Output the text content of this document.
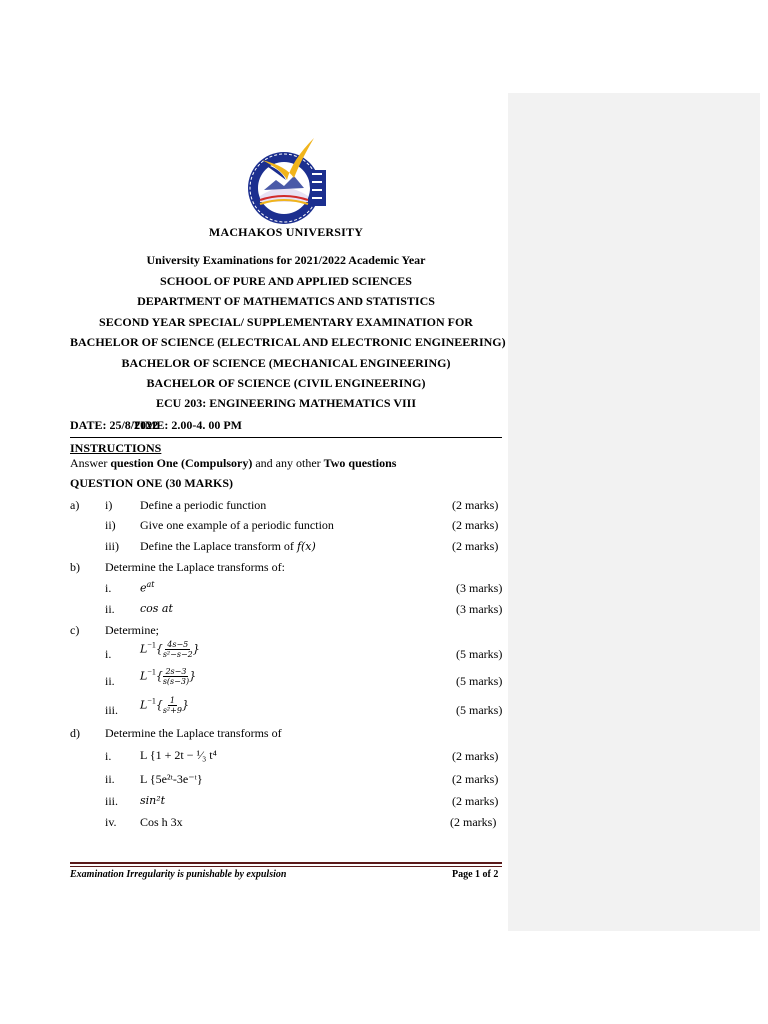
MACHAKOS UNIVERSITY
University Examinations for 2021/2022 Academic Year
SCHOOL OF PURE AND APPLIED SCIENCES
DEPARTMENT OF MATHEMATICS AND STATISTICS
SECOND YEAR SPECIAL/ SUPPLEMENTARY EXAMINATION FOR
BACHELOR OF SCIENCE (ELECTRICAL AND ELECTRONIC ENGINEERING)
BACHELOR OF SCIENCE (MECHANICAL ENGINEERING)
BACHELOR OF SCIENCE (CIVIL ENGINEERING)
ECU 203: ENGINEERING MATHEMATICS VIII
DATE: 25/8/2022
TIME: 2.00-4. 00 PM
INSTRUCTIONS
Answer question One (Compulsory) and any other Two questions
QUESTION ONE (30 MARKS)
a) i) Define a periodic function	(2 marks)
ii) Give one example of a periodic function	(2 marks)
iii) Define the Laplace transform of f(x)	(2 marks)
b) Determine the Laplace transforms of:
i.	$e^{at}$	(3 marks)
ii. cos at	(3 marks)
c) Determine;
i.	$L^{-1}\{ \frac{4s-5}{\text{s²−s−2}}$ }	(5 marks)
ii. $L^{-1}\{ \frac{2s-3}{s(s-3)}$ }	(5 marks)
iii. $L^{-1}\{ \frac{1}{\text{s²+9}}$ }	(5 marks)
d) Determine the Laplace transforms of
i. L {1 + 2t − ¹⁄₃ t⁴	(2 marks)
ii. L {5e²ᵗ-3e⁻ᵗ}	(2 marks)
iii. sin²t	(2 marks)
iv. Cos h 3x	(2 marks)
Examination Irregularity is punishable by expulsion	Page 1 of 2
